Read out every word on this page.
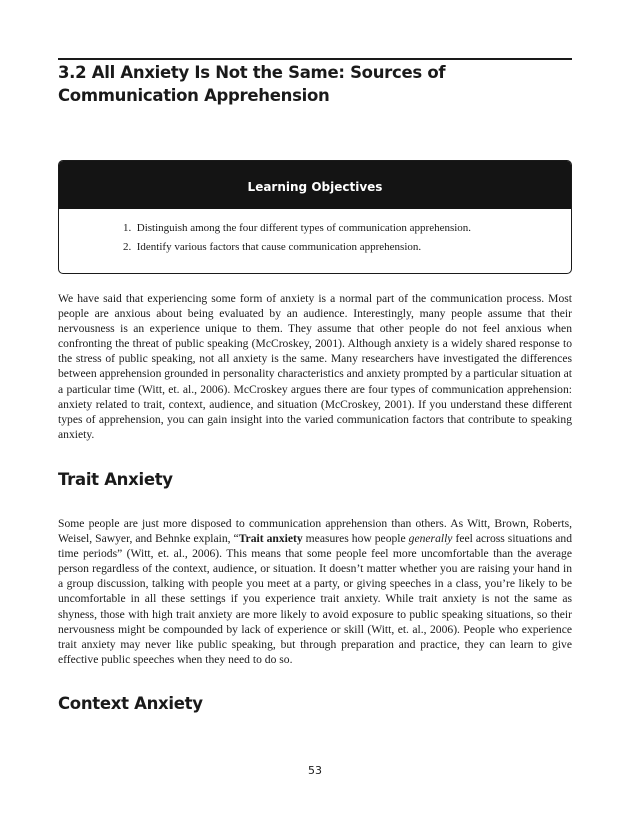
3.2 All Anxiety Is Not the Same: Sources of Communication Apprehension
Learning Objectives
1. Distinguish among the four different types of communication apprehension.
2. Identify various factors that cause communication apprehension.

We have said that experiencing some form of anxiety is a normal part of the communication process. Most people are anxious about being evaluated by an audience. Interestingly, many people assume that their nervousness is an experience unique to them. They assume that other people do not feel anxious when confronting the threat of public speaking (McCroskey, 2001). Although anxiety is a widely shared response to the stress of public speaking, not all anxiety is the same. Many researchers have investigated the differences between apprehension grounded in personality characteristics and anxiety prompted by a particular situation at a particular time (Witt, et. al., 2006). McCroskey argues there are four types of communication apprehension: anxiety related to trait, context, audience, and situation (McCroskey, 2001). If you understand these different types of apprehension, you can gain insight into the varied communication factors that contribute to speaking anxiety.

Trait Anxiety

Some people are just more disposed to communication apprehension than others. As Witt, Brown, Roberts, Weisel, Sawyer, and Behnke explain, “Trait anxiety measures how people generally feel across situations and time periods” (Witt, et. al., 2006). This means that some people feel more uncomfortable than the average person regardless of the context, audience, or situation. It doesn’t matter whether you are raising your hand in a group discussion, talking with people you meet at a party, or giving speeches in a class, you’re likely to be uncomfortable in all these settings if you experience trait anxiety. While trait anxiety is not the same as shyness, those with high trait anxiety are more likely to avoid exposure to public speaking situations, so their nervousness might be compounded by lack of experience or skill (Witt, et. al., 2006). People who experience trait anxiety may never like public speaking, but through preparation and practice, they can learn to give effective public speeches when they need to do so.

Context Anxiety
53
